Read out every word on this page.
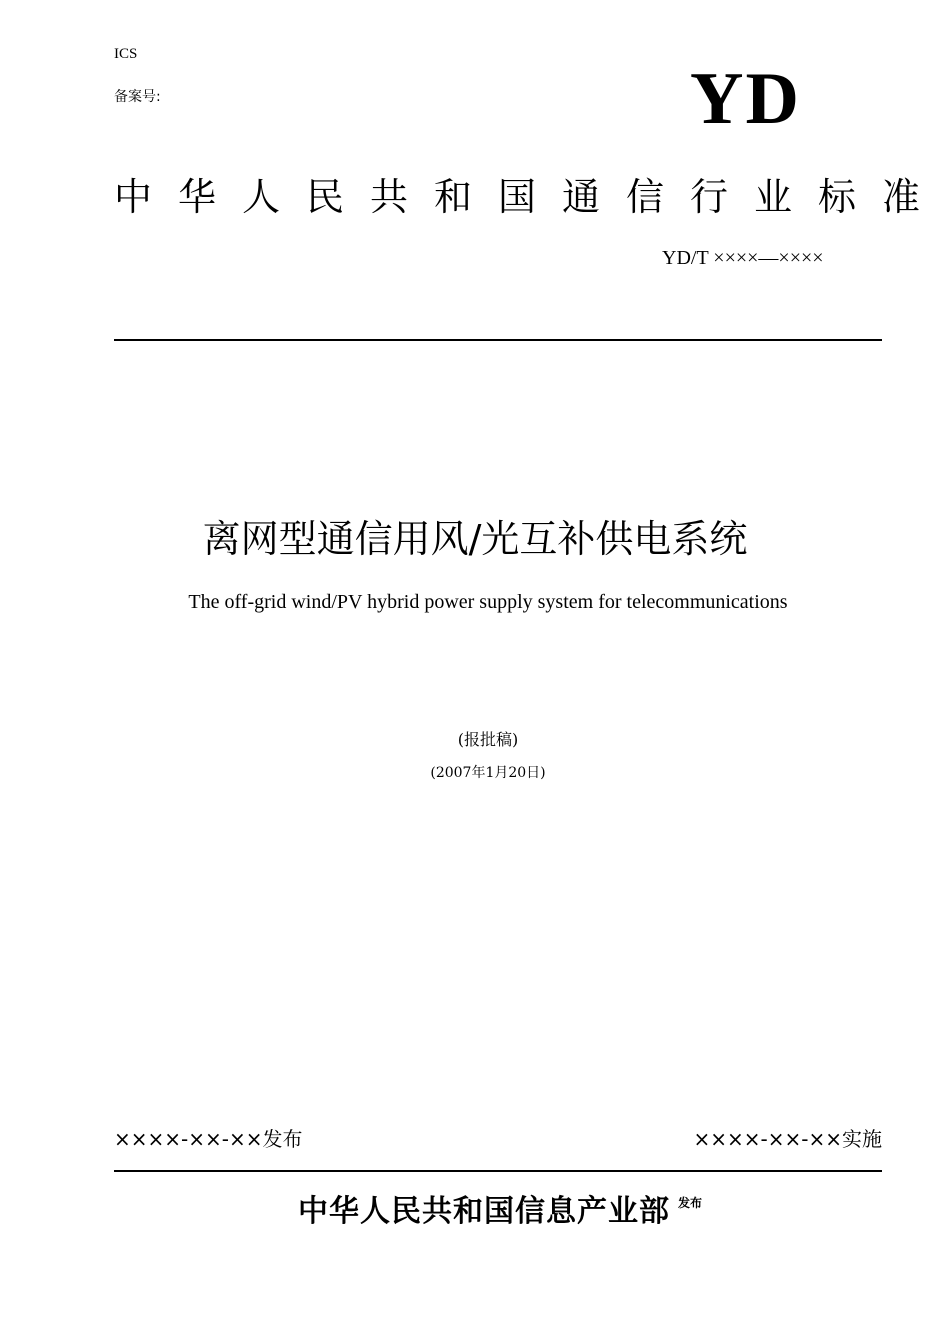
ICS
备案号:	YD
中华人民共和国通信行业标准
YD/T ××××—××××
离网型通信用风/光互补供电系统
The off-grid wind/PV hybrid power supply system for telecommunications
(报批稿)
(2007年1月20日)
××××-××-××发布	××××-××-××实施
中华人民共和国信息产业部 $^{发布}$
